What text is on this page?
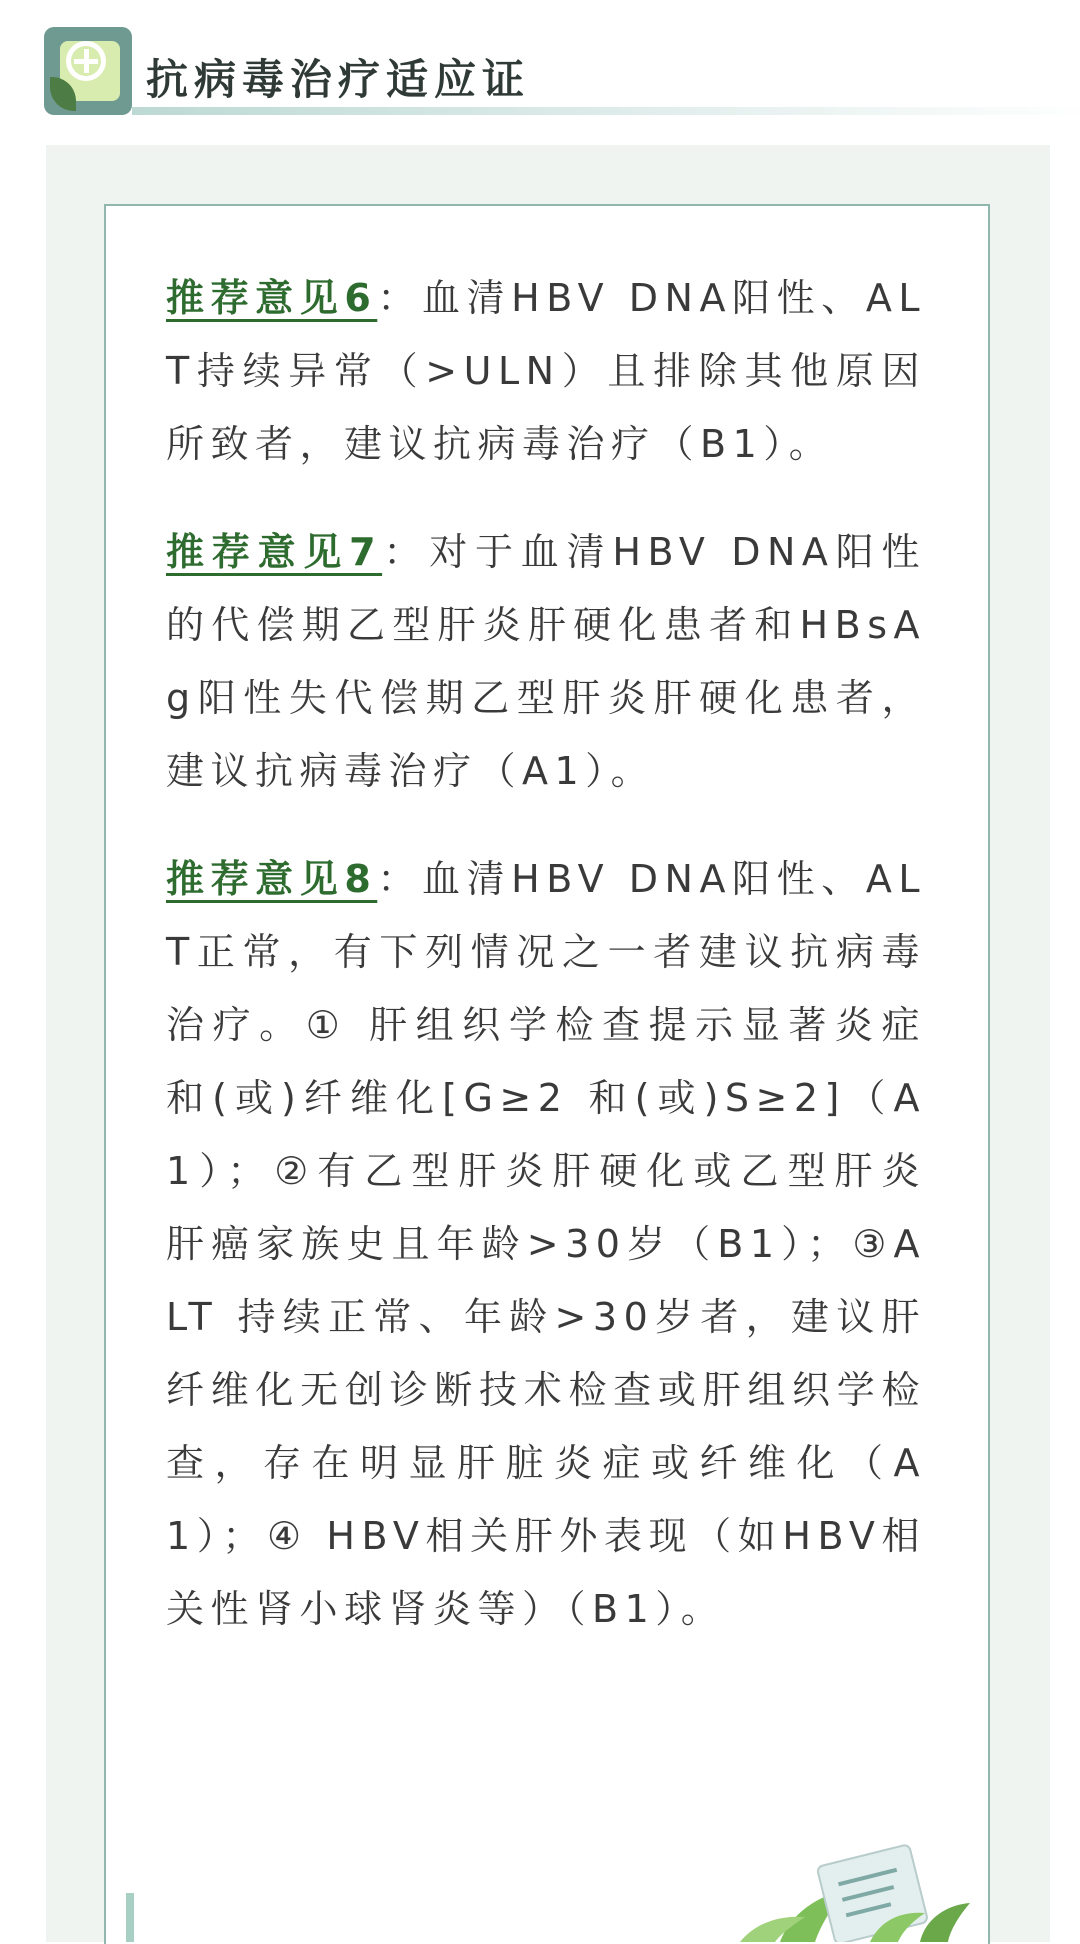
抗病毒治疗适应证

推荐意见6：血清HBV DNA阳性、ALT持续异常（>ULN）且排除其他原因所致者，建议抗病毒治疗（B1）。

推荐意见7：对于血清HBV DNA阳性的代偿期乙型肝炎肝硬化患者和HBsAg阳性失代偿期乙型肝炎肝硬化患者，建议抗病毒治疗（A1）。

推荐意见8：血清HBV DNA阳性、ALT正常，有下列情况之一者建议抗病毒治疗。① 肝组织学检查提示显著炎症和(或)纤维化[G≥2 和(或)S≥2]（A1）；②有乙型肝炎肝硬化或乙型肝炎肝癌家族史且年龄>30岁（B1）；③ALT 持续正常、年龄>30岁者，建议肝纤维化无创诊断技术检查或肝组织学检查，存在明显肝脏炎症或纤维化（A1）；④ HBV相关肝外表现（如HBV相关性肾小球肾炎等）（B1）。
